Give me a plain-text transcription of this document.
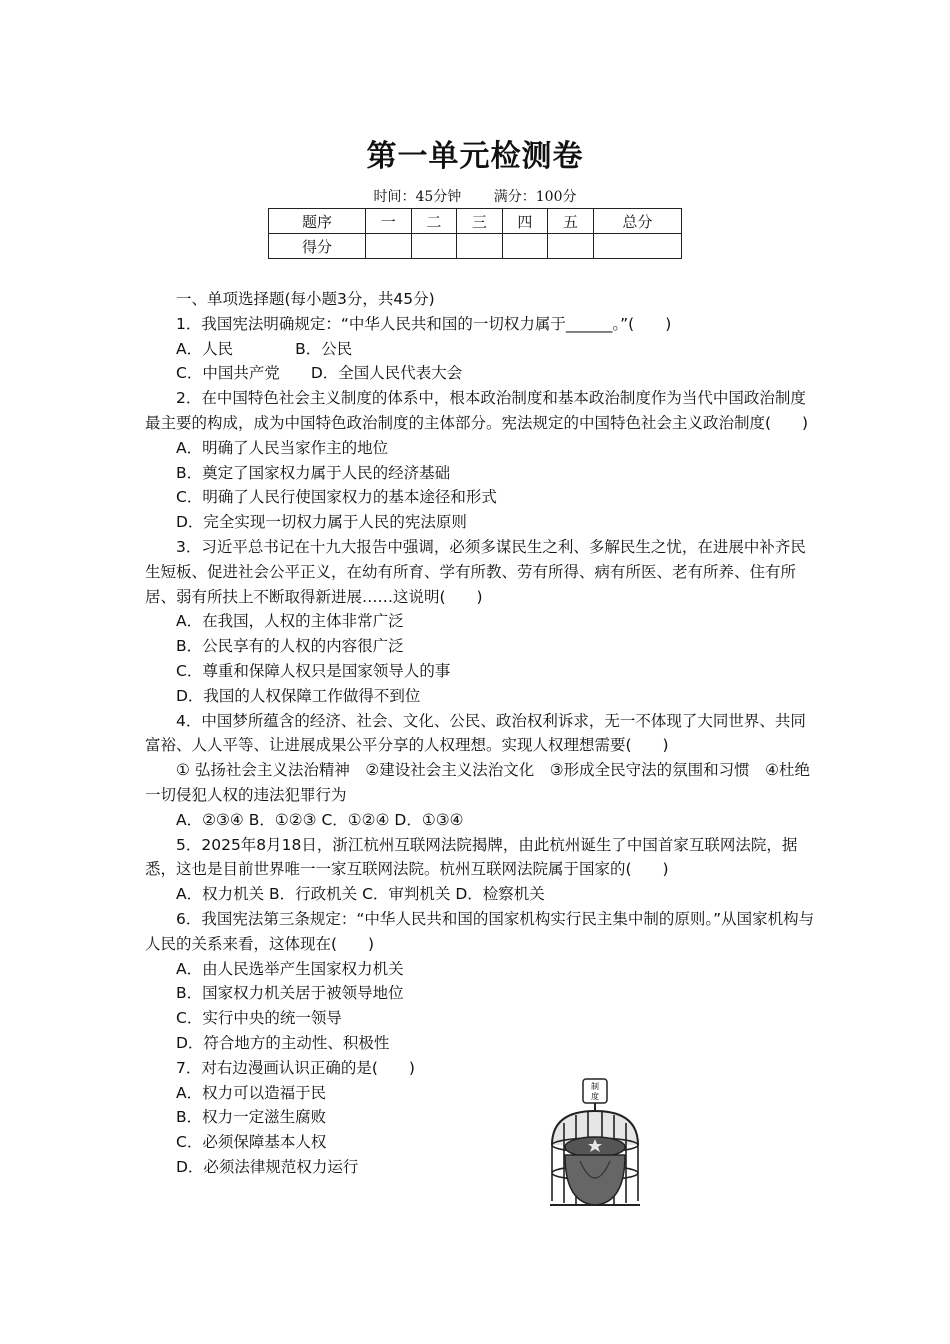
第一单元检测卷
时间：45分钟 满分：100分
题序	一	二	三	四	五	总分
得分						

一、单项选择题(每小题3分，共45分)

1．我国宪法明确规定：“中华人民共和国的一切权力属于______。”(　　)

A．人民　　　　B．公民

C．中国共产党　　D．全国人民代表大会

2．在中国特色社会主义制度的体系中，根本政治制度和基本政治制度作为当代中国政治制度最主要的构成，成为中国特色政治制度的主体部分。宪法规定的中国特色社会主义政治制度(　　)

A．明确了人民当家作主的地位

B．奠定了国家权力属于人民的经济基础

C．明确了人民行使国家权力的基本途径和形式

D．完全实现一切权力属于人民的宪法原则

3．习近平总书记在十九大报告中强调，必须多谋民生之利、多解民生之忧，在进展中补齐民生短板、促进社会公平正义，在幼有所育、学有所教、劳有所得、病有所医、老有所养、住有所居、弱有所扶上不断取得新进展……这说明(　　)

A．在我国，人权的主体非常广泛

B．公民享有的人权的内容很广泛

C．尊重和保障人权只是国家领导人的事

D．我国的人权保障工作做得不到位

4．中国梦所蕴含的经济、社会、文化、公民、政治权利诉求，无一不体现了大同世界、共同富裕、人人平等、让进展成果公平分享的人权理想。实现人权理想需要(　　)

① 弘扬社会主义法治精神　②建设社会主义法治文化　③形成全民守法的氛围和习惯　④杜绝一切侵犯人权的违法犯罪行为

A．②③④ B．①②③ C．①②④ D．①③④

5．2025年8月18日，浙江杭州互联网法院揭牌，由此杭州诞生了中国首家互联网法院，据悉，这也是目前世界唯一一家互联网法院。杭州互联网法院属于国家的(　　)

A．权力机关 B．行政机关 C．审判机关 D．检察机关

6．我国宪法第三条规定：“中华人民共和国的国家机构实行民主集中制的原则。”从国家机构与人民的关系来看，这体现在(　　)

A．由人民选举产生国家权力机关

B．国家权力机关居于被领导地位

C．实行中央的统一领导

D．符合地方的主动性、积极性

7．对右边漫画认识正确的是(　　)

A．权力可以造福于民

B．权力一定滋生腐败

C．必须保障基本人权

D．必须法律规范权力运行

制
度
